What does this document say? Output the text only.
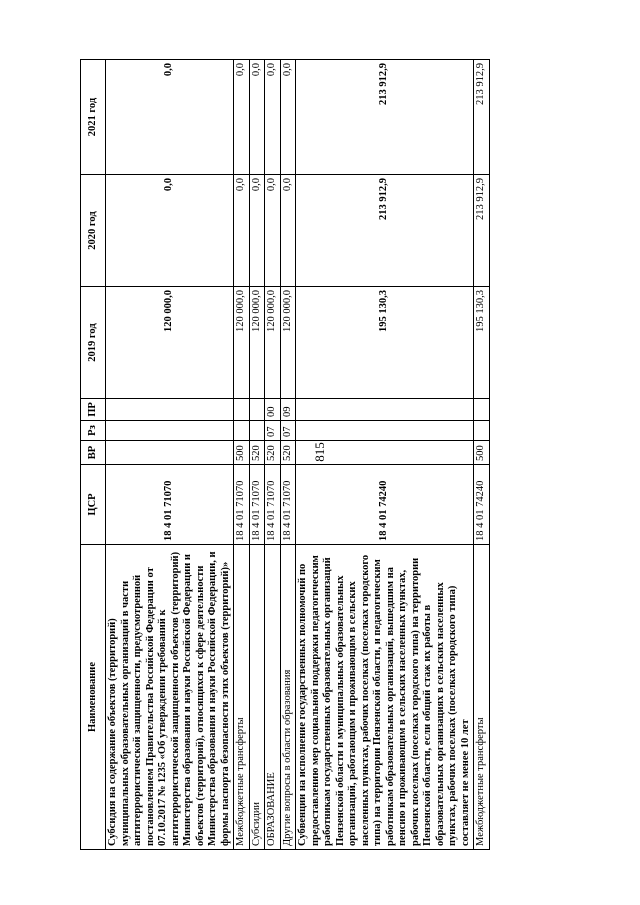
815
Наименование	ЦСР	ВР	Рз	ПР	2019 год	2020 год	2021 год
Субсидия на содержание объектов (территорий) муниципальных образовательных организаций в части антитеррористической защищенности, предусмотренной постановлением Правительства Российской Федерации от 07.10.2017 № 1235 «Об утверждении требований к антитеррористической защищенности объектов (территорий) Министерства образования и науки Российской Федерации и объектов (территорий), относящихся к сфере деятельности Министерства образования и науки Российской Федерации, и формы паспорта безопасности этих объектов (территорий)»	18 4 01 71070				120 000,0	0,0	0,0
Межбюджетные трансферты	18 4 01 71070	500			120 000,0	0,0	0,0
Субсидии	18 4 01 71070	520			120 000,0	0,0	0,0
ОБРАЗОВАНИЕ	18 4 01 71070	520	07	00	120 000,0	0,0	0,0
Другие вопросы в области образования	18 4 01 71070	520	07	09	120 000,0	0,0	0,0
Субвенции на исполнение государственных полномочий по предоставлению мер социальной поддержки педагогическим работникам государственных образовательных организаций Пензенской области и муниципальных образовательных организаций, работающим и проживающим в сельских населенных пунктах, рабочих поселках (поселках городского типа) на территории Пензенской области, и педагогическим работникам образовательных организаций, вышедшим на пенсию и проживающим в сельских населенных пунктах, рабочих поселках (поселках городского типа) на территории Пензенской области, если общий стаж их работы в образовательных организациях в сельских населенных пунктах, рабочих поселках (поселках городского типа) составляет не менее 10 лет	18 4 01 74240				195 130,3	213 912,9	213 912,9
Межбюджетные трансферты	18 4 01 74240	500			195 130,3	213 912,9	213 912,9
